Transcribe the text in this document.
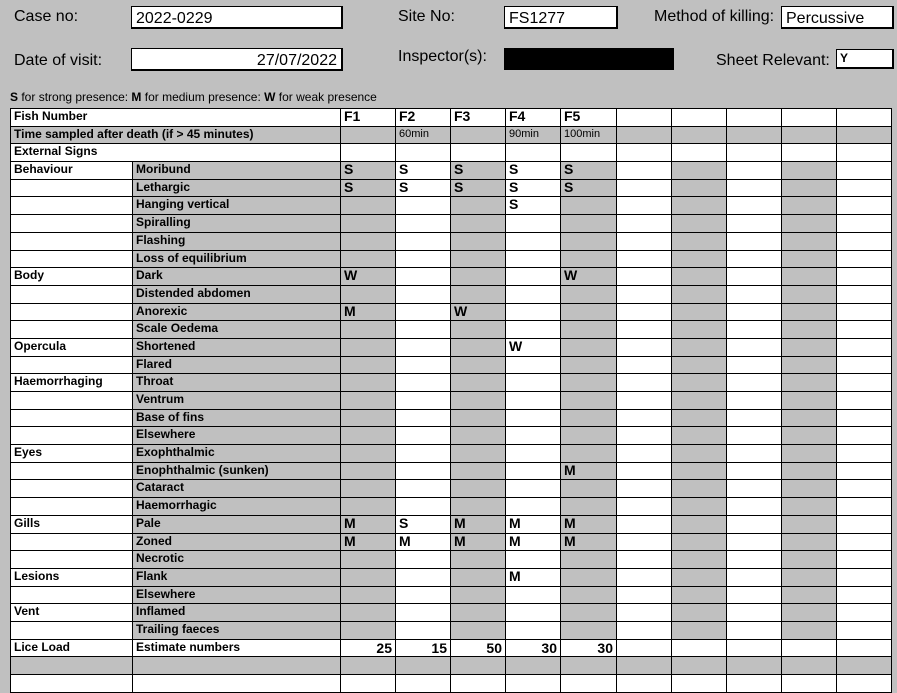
Case no:	2022-0229	Site No:	FS1277	Method of killing: Percussive
Date of visit:	27/07/2022	Inspector(s):	Sheet Relevant: Y
S for strong presence: M for medium presence: W for weak presence
Fish Number		F1	F2	F3	F4	F5					
Time sampled after death (if > 45 minutes)			60min		90min	100min					
External Signs											
Behaviour	Moribund	S	S	S	S	S					
	Lethargic	S	S	S	S	S					
	Hanging vertical				S						
	Spiralling										
	Flashing										
	Loss of equilibrium										
Body	Dark	W				W					
	Distended abdomen										
	Anorexic	M		W							
	Scale Oedema										
Opercula	Shortened				W						
	Flared										
Haemorrhaging	Throat										
	Ventrum										
	Base of fins										
	Elsewhere										
Eyes	Exophthalmic										
	Enophthalmic (sunken)					M					
	Cataract										
	Haemorrhagic										
Gills	Pale	M	S	M	M	M					
	Zoned	M	M	M	M	M					
	Necrotic										
Lesions	Flank				M						
	Elsewhere										
Vent	Inflamed										
	Trailing faeces										
Lice Load	Estimate numbers	25	15	50	30	30					
